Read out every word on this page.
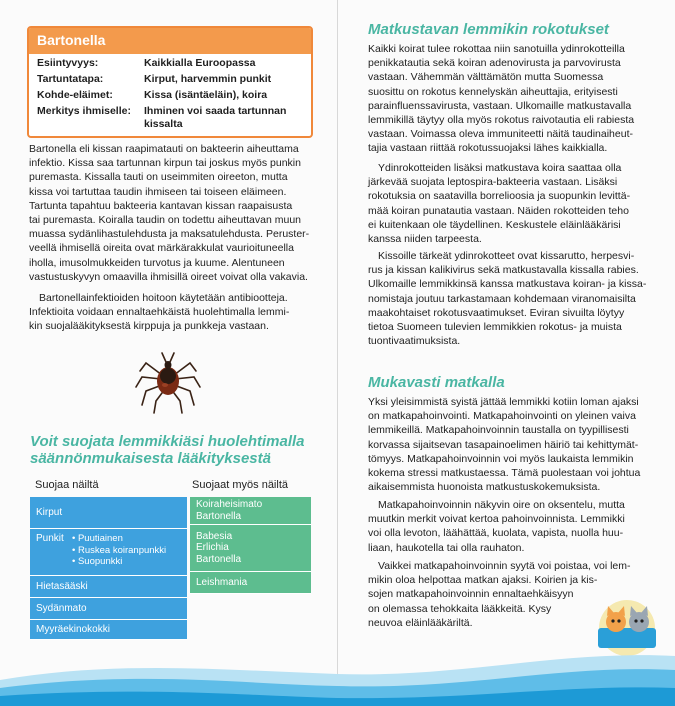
Bartonella
Esiintyvyys:	Kaikkialla Euroopassa
Tartuntatapa:	Kirput, harvemmin punkit
Kohde-eläimet:	Kissa (isäntäeläin), koira
Merkitys ihmiselle:	Ihminen voi saada tartunnan kissalta
Bartonella eli kissan raapimatauti on bakteerin aiheuttama
infektio. Kissa saa tartunnan kirpun tai joskus myös punkin
puremasta. Kissalla tauti on useimmiten oireeton, mutta
kissa voi tartuttaa taudin ihmiseen tai toiseen eläimeen.
Tartunta tapahtuu bakteeria kantavan kissan raapaisusta
tai puremasta. Koiralla taudin on todettu aiheuttavan muun
muassa sydänlihastulehdusta ja maksatulehdusta. Peruster-
veellä ihmisellä oireita ovat märkärakkulat vaurioituneella
iholla, imusolmukkeiden turvotus ja kuume. Alentuneen
vastustuskyvyn omaavilla ihmisillä oireet voivat olla vakavia.
Bartonellainfektioiden hoitoon käytetään antibiootteja.
Infektioita voidaan ennaltaehkäistä huolehtimalla lemmi-
kin suojalääkityksestä kirppuja ja punkkeja vastaan.
Voit suojata lemmikkiäsi huolehtimalla
säännönmukaisesta lääkityksestä
Suojaa näiltä	Suojaat myös näiltä
Kirput
Punkit
•	Puutiainen
• Ruskea koiranpunkki
• Suopunkki
Hietasääski
Sydänmato
Myyräekinokokki
Koiraheisimato
Bartonella
Babesia
Erlichia
Bartonella
Leishmania
Matkustavan lemmikin rokotukset
Kaikki koirat tulee rokottaa niin sanotuilla ydinrokotteilla
penikkatautia sekä koiran adenovirusta ja parvovirusta
vastaan. Vähemmän välttämätön mutta Suomessa
suosittu on rokotus kennelyskän aiheuttajia, erityisesti
parainfluenssavirusta, vastaan. Ulkomaille matkustavalla
lemmikillä täytyy olla myös rokotus raivotautia eli rabiesta
vastaan. Voimassa oleva immuniteetti näitä taudinaiheut-
tajia vastaan riittää rokotussuojaksi lähes kaikkialla.
Ydinrokotteiden lisäksi matkustava koira saattaa olla
järkevää suojata leptospira-bakteeria vastaan. Lisäksi
rokotuksia on saatavilla borrelioosia ja suopunkin levittä-
mää koiran punatautia vastaan. Näiden rokotteiden teho
ei kuitenkaan ole täydellinen. Keskustele eläinlääkärisi
kanssa niiden tarpeesta.
Kissoille tärkeät ydinrokotteet ovat kissarutto, herpesvi-
rus ja kissan kalikivirus sekä matkustavalla kissalla rabies.
Ulkomaille lemmikkinsä kanssa matkustava koiran- ja kissa-
nomistaja joutuu tarkastamaan kohdemaan viranomaisilta
maakohtaiset rokotusvaatimukset. Eviran sivuilta löytyy
tietoa Suomeen tulevien lemmikkien rokotus- ja muista
tuontivaatimuksista.
Mukavasti matkalla
Yksi yleisimmistä syistä jättää lemmikki kotiin loman ajaksi
on matkapahoinvointi. Matkapahoinvointi on yleinen vaiva
lemmikeillä. Matkapahoinvoinnin taustalla on tyypillisesti
korvassa sijaitsevan tasapainoelimen häiriö tai kehittymät-
tömyys. Matkapahoinvoinnin voi myös laukaista lemmikin
kokema stressi matkustaessa. Tämä puolestaan voi johtua
aikaisemmista huonoista matkustuskokemuksista.
Matkapahoinvoinnin näkyvin oire on oksentelu, mutta
muutkin merkit voivat kertoa pahoinvoinnista. Lemmikki
voi olla levoton, läähättää, kuolata, vapista, nuolla huu-
liaan, haukotella tai olla rauhaton.
Vaikkei matkapahoinvoinnin syytä voi poistaa, voi lem-
mikin oloa helpottaa matkan ajaksi. Koirien ja kis-
sojen matkapahoinvoinnin ennaltaehkäisyyn
on olemassa tehokkaita lääkkeitä. Kysy
neuvoa eläinlääkäriltä.
